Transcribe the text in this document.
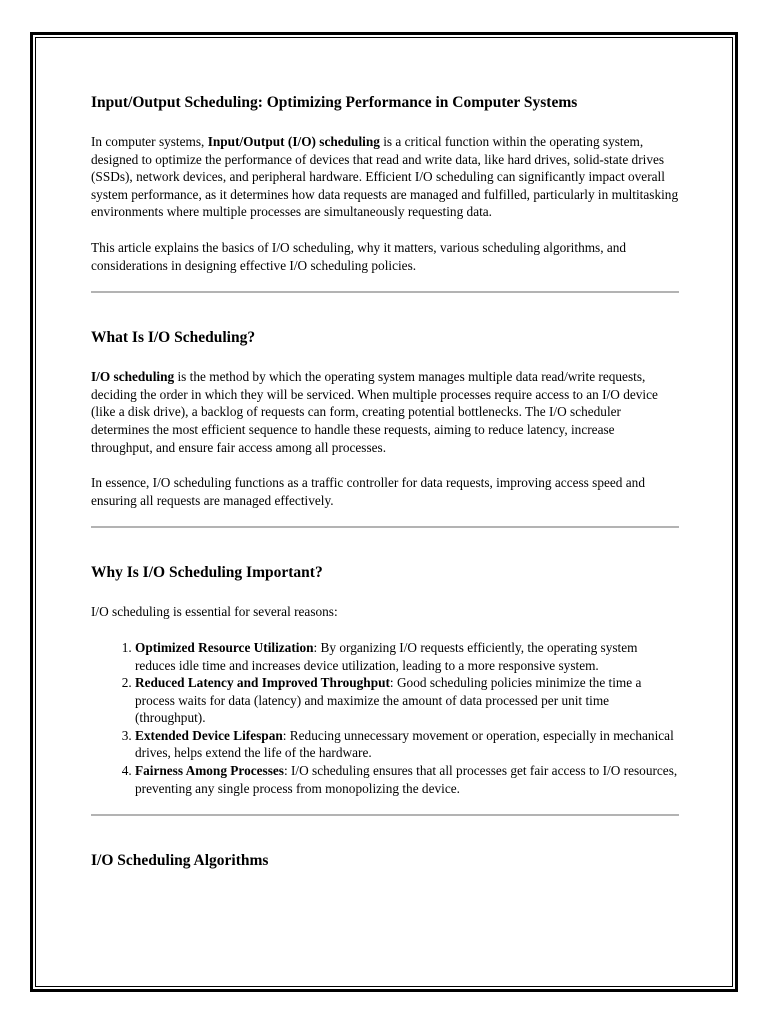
Input/Output Scheduling: Optimizing Performance in Computer Systems

In computer systems, Input/Output (I/O) scheduling is a critical function within the operating system, designed to optimize the performance of devices that read and write data, like hard drives, solid-state drives (SSDs), network devices, and peripheral hardware. Efficient I/O scheduling can significantly impact overall system performance, as it determines how data requests are managed and fulfilled, particularly in multitasking environments where multiple processes are simultaneously requesting data.

This article explains the basics of I/O scheduling, why it matters, various scheduling algorithms, and considerations in designing effective I/O scheduling policies.

What Is I/O Scheduling?

I/O scheduling is the method by which the operating system manages multiple data read/write requests, deciding the order in which they will be serviced. When multiple processes require access to an I/O device (like a disk drive), a backlog of requests can form, creating potential bottlenecks. The I/O scheduler determines the most efficient sequence to handle these requests, aiming to reduce latency, increase throughput, and ensure fair access among all processes.

In essence, I/O scheduling functions as a traffic controller for data requests, improving access speed and ensuring all requests are managed effectively.

Why Is I/O Scheduling Important?

I/O scheduling is essential for several reasons:

1. Optimized Resource Utilization: By organizing I/O requests efficiently, the operating system reduces idle time and increases device utilization, leading to a more responsive system.
2. Reduced Latency and Improved Throughput: Good scheduling policies minimize the time a process waits for data (latency) and maximize the amount of data processed per unit time (throughput).
3. Extended Device Lifespan: Reducing unnecessary movement or operation, especially in mechanical drives, helps extend the life of the hardware.
4. Fairness Among Processes: I/O scheduling ensures that all processes get fair access to I/O resources, preventing any single process from monopolizing the device.
I/O Scheduling Algorithms
